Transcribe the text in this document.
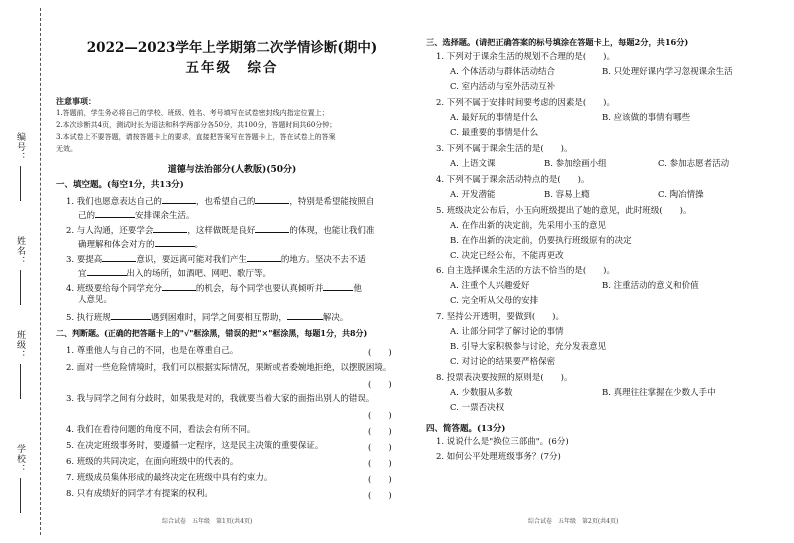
编号：
姓名：
班级：
学校：
2022—2023学年上学期第二次学情诊断(期中)
五年级　综合
注意事项：
1.答题前，学生务必将自己的学校、班级、姓名、考号填写在试卷密封线内指定位置上；
2.本次诊断共4页，测试时长为语法和科学两部分各50分，共100分，答题时间共60分钟；
3.本试卷上不要答题，请按答题卡上的要求，直接把答案写在答题卡上，答在试卷上的答案
无效。
道德与法治部分(人教版)(50分)
一、填空题。(每空1分，共13分)
1. 我们也愿意表达自己的	，也希望自己的	，特别是希望能按照自
己的	安排课余生活。
2. 与人沟通，还要学会	，这样做既是良好	的体现，也能让我们准
确理解和体会对方的	。
3. 要提高	意识，要远离可能对我们产生	的地方。坚决不去不适
宜	出入的场所，如酒吧、网吧、歌厅等。
4. 班级要给每个同学充分	的机会，每个同学也要认真倾听并	他
人意见。
5. 执行班规	遇到困难时，同学之间要相互帮助，	解决。
二、判断题。(正确的把答题卡上的"√"框涂黑，错误的把"×"框涂黑，每题1分，共8分)
1. 尊重他人与自己的不同，也是在尊重自己。	(　　)
2. 面对一些危险情境时，我们可以根据实际情况，果断或者委婉地拒绝，以摆脱困境。
(　　)
3. 我与同学之间有分歧时，如果我是对的，我就要当着大家的面指出别人的错误。
(　　)
4. 我们在看待问题的角度不同，看法会有所不同。	(　　)
5. 在决定班级事务时，要遵循一定程序，这是民主决策的重要保证。	(　　)
6. 班级的共同决定，在面向班级中的代表的。	(　　)
7. 班级成员集体形成的最终决定在班级中具有约束力。	(　　)
8. 只有成绩好的同学才有提案的权利。	(　　)
综合试卷　五年级　第1页(共4页)
三、选择题。(请把正确答案的标号填涂在答题卡上，每题2分，共16分)
1. 下列对于课余生活的规划不合理的是(　　)。
A. 个体活动与群体活动结合	B. 只处理好课内学习忽视课余生活
C. 室内活动与室外活动互补
2. 下列不属于安排时间要考虑的因素是(　　)。
A. 最好玩的事情是什么	B. 应该做的事情有哪些
C. 最重要的事情是什么
3. 下列不属于课余生活的是(　　)。
A. 上语文课	B. 参加绘画小组	C. 参加志愿者活动
4. 下列不属于课余活动特点的是(　　)。
A. 开发潜能	B. 容易上瘾	C. 陶冶情操
5. 班级决定公布后，小玉向班级提出了她的意见，此时班级(　　)。
A. 在作出新的决定前，先采用小玉的意见
B. 在作出新的决定前，仍要执行班级原有的决定
C. 决定已经公布，不能再更改
6. 自主选择课余生活的方法不恰当的是(　　)。
A. 注重个人兴趣爱好	B. 注重活动的意义和价值
C. 完全听从父母的安排
7. 坚持公开透明，要做到(　　)。
A. 让部分同学了解讨论的事情
B. 引导大家积极参与讨论，充分发表意见
C. 对讨论的结果要严格保密
8. 投票表决要按照的原则是(　　)。
A. 少数服从多数	B. 真理往往掌握在少数人手中
C. 一票否决权
四、简答题。(13分)
1. 说说什么是"换位三部曲"。(6分)
2. 如何公平处理班级事务？(7分)
综合试卷　五年级　第2页(共4页)
